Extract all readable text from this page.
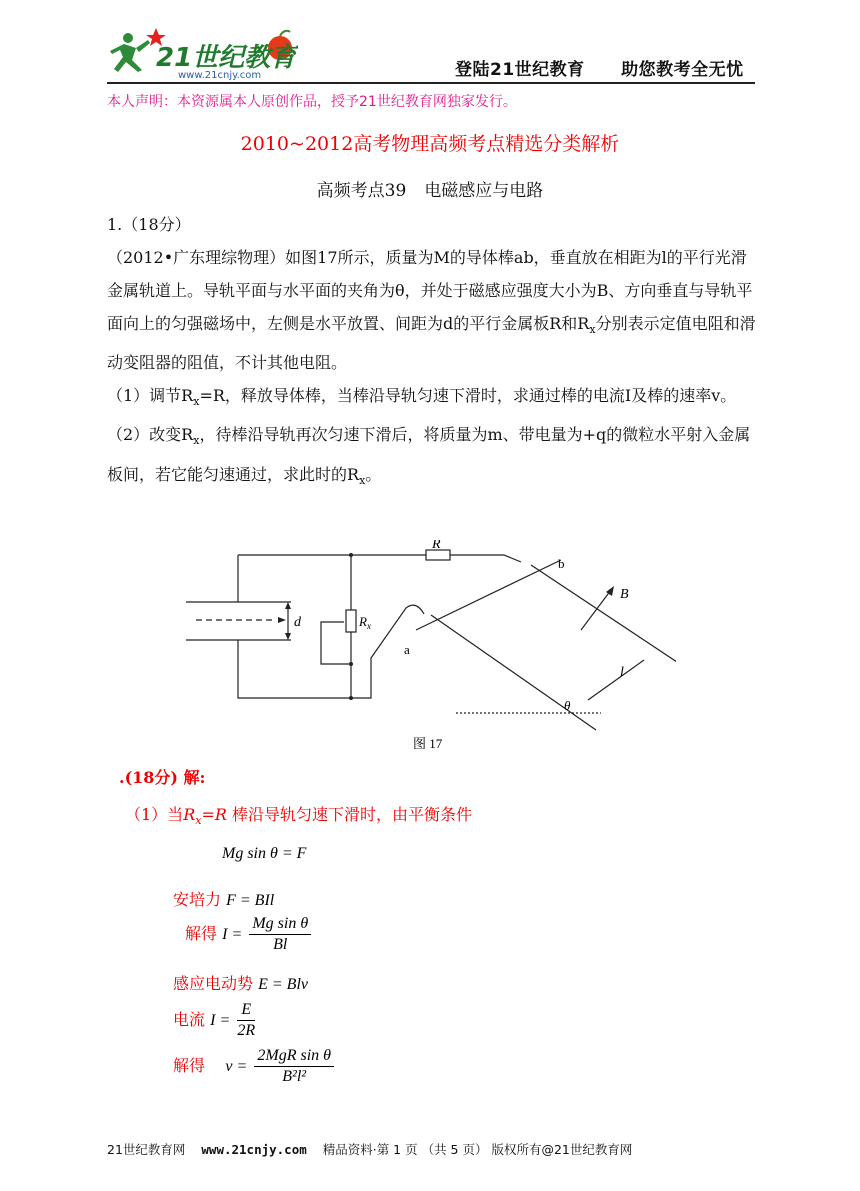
21世纪教育
www.21cnjy.com	登陆21世纪教育 助您教考全无忧
本人声明：本资源属本人原创作品，授予21世纪教育网独家发行。
2010~2012高考物理高频考点精选分类解析
高频考点39 电磁感应与电路

1.（18分）

（2012•广东理综物理）如图17所示，质量为M的导体棒ab，垂直放在相距为l的平行光滑金属轨道上。导轨平面与水平面的夹角为θ，并处于磁感应强度大小为B、方向垂直与导轨平面向上的匀强磁场中，左侧是水平放置、间距为d的平行金属板R和$R_x$分别表示定值电阻和滑动变阻器的阻值，不计其他电阻。

（1）调节$R_x=R$，释放导体棒，当棒沿导轨匀速下滑时，求通过棒的电流I及棒的速率v。

（2）改变$R_x$，待棒沿导轨再次匀速下滑后，将质量为m、带电量为+q的微粒水平射入金属板间，若它能匀速通过，求此时的$R_x$。

R
$R_x$
d
a
b
B
l
θ
图 17
.(18分) 解:
（1）当$R_x=R$ 棒沿导轨匀速下滑时，由平衡条件
Mg sin θ = F
安培力 F = BIl
解得 $I = \frac{\text{Mg sin θ}}{Bl}$
感应电动势 E = Blv
电流 $I = \frac{E}{2R}$
解得 $v = \frac{\text{2MgR sin θ}}{\text{B²l²}}$
21世纪教育网 www.21cnjy.com 精品资料·第 1 页 （共 5 页） 版权所有@21世纪教育网
